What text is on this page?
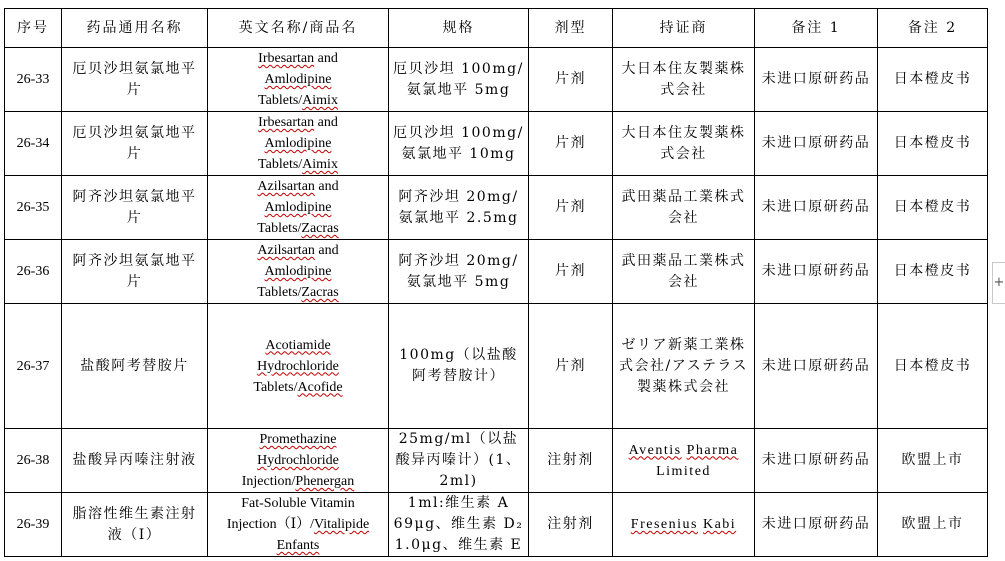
序号	药品通用名称	英文名称/商品名	规格	剂型	持证商	备注 1	备注 2
26-33	厄贝沙坦氨氯地平片	Irbesartan and
Amlodipine
Tablets/Aimix	厄贝沙坦 100mg/氨氯地平 5mg	片剂	大日本住友製薬株式会社	未进口原研药品	日本橙皮书
26-34	厄贝沙坦氨氯地平片	Irbesartan and
Amlodipine
Tablets/Aimix	厄贝沙坦 100mg/氨氯地平 10mg	片剂	大日本住友製薬株式会社	未进口原研药品	日本橙皮书
26-35	阿齐沙坦氨氯地平片	Azilsartan and
Amlodipine
Tablets/Zacras	阿齐沙坦 20mg/氨氯地平 2.5mg	片剂	武田薬品工業株式会社	未进口原研药品	日本橙皮书
26-36	阿齐沙坦氨氯地平片	Azilsartan and
Amlodipine
Tablets/Zacras	阿齐沙坦 20mg/氨氯地平 5mg	片剂	武田薬品工業株式会社	未进口原研药品	日本橙皮书
26-37	盐酸阿考替胺片	Acotiamide
Hydrochloride
Tablets/Acofide	100mg（以盐酸阿考替胺计）	片剂	ゼリア新薬工業株式会社/アステラス製薬株式会社	未进口原研药品	日本橙皮书
26-38	盐酸异丙嗪注射液	Promethazine
Hydrochloride
Injection/Phenergan	25mg/ml（以盐酸异丙嗪计）(1、2ml)	注射剂	Aventis Pharma Limited	未进口原研药品	欧盟上市
26-39	脂溶性维生素注射液（Ⅰ）	Fat-Soluble Vitamin
Injection（Ⅰ）/Vitalipide
Enfants	1ml:维生素 A 69μg、维生素 D₂ 1.0μg、维生素 E	注射剂	Fresenius Kabi	未进口原研药品	欧盟上市
+
